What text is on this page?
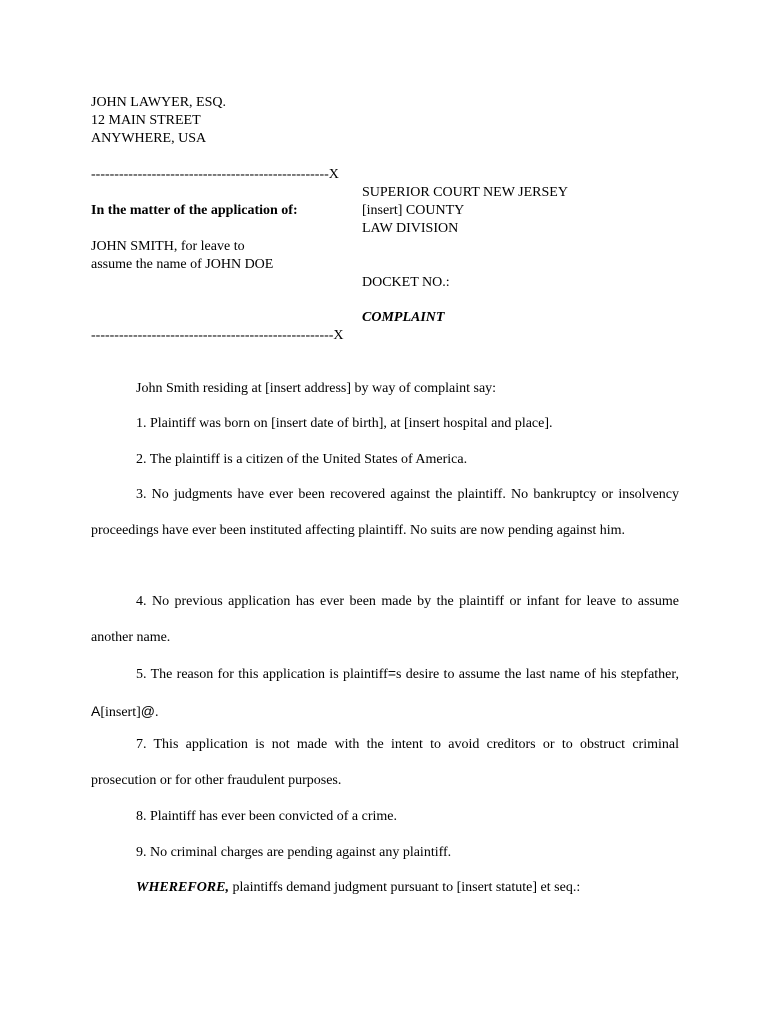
JOHN LAWYER, ESQ.
12 MAIN STREET
ANYWHERE, USA
---------------------------------------------------X
SUPERIOR COURT NEW JERSEY
In the matter of the application of:	[insert] COUNTY
LAW DIVISION
JOHN SMITH, for leave to
assume the name of JOHN DOE
DOCKET NO.:
COMPLAINT
----------------------------------------------------X
John Smith residing at [insert address] by way of complaint say:
1. Plaintiff was born on [insert date of birth], at [insert hospital and place].
2. The plaintiff is a citizen of the United States of America.
3. No judgments have ever been recovered against the plaintiff. No bankruptcy or insolvency proceedings have ever been instituted affecting plaintiff. No suits are now pending against him.
4. No previous application has ever been made by the plaintiff or infant for leave to assume another name.
5. The reason for this application is plaintiff=s desire to assume the last name of his stepfather, A[insert]@.
7. This application is not made with the intent to avoid creditors or to obstruct criminal prosecution or for other fraudulent purposes.
8. Plaintiff has ever been convicted of a crime.
9. No criminal charges are pending against any plaintiff.
WHEREFORE, plaintiffs demand judgment pursuant to [insert statute] et seq.:
